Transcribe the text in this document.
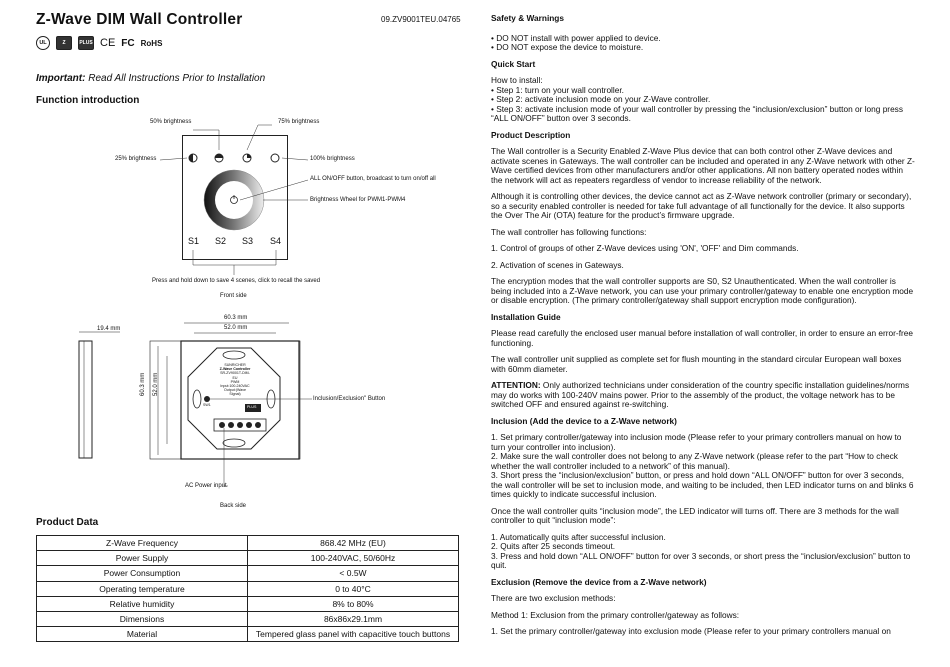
Z-Wave DIM Wall Controller	09.ZV9001TEU.04765
UL	Z	PLUS CE FC RoHS
Important: Read All Instructions Prior to Installation
Function introduction
50% brightness	75% brightness
25% brightness	100% brightness
ALL ON/OFF button, broadcast to turn on/off all
Brightness Wheel for PWM1-PWM4
S1 S2 S3 S4
Press and hold down to save 4 scenes, click to recall the saved
Front side
60.3 mm
52.0 mm
19.4 mm
60.3 mm 52.0 mm
Inclusion/Exclusion" Button
AC Power input
Back side
SUNRICHER
Z-Wave Controller
SR-ZV9001T-DIM-EU
PWM
Input:100-240VAC
Output:(Wave Signal)
SW1	PLUS
Product Data
Z-Wave Frequency	868.42 MHz (EU)
Power Supply	100-240VAC, 50/60Hz
Power Consumption	< 0.5W
Operating temperature	0 to 40°C
Relative humidity	8% to 80%
Dimensions	86x86x29.1mm
Material	Tempered glass panel with capacitive touch buttons

Safety & Warnings

• DO NOT install with power applied to device.
• DO NOT expose the device to moisture.

Quick Start

How to install:

• Step 1: turn on your wall controller.
• Step 2: activate inclusion mode on your Z-Wave controller.
• Step 3: activate inclusion mode of your wall controller by pressing the “inclusion/exclusion” button or long press “ALL ON/OFF” button over 3 seconds.

Product Description

The Wall controller is a Security Enabled Z-Wave Plus device that can both control other Z-Wave devices and activate scenes in Gateways. The wall controller can be included and operated in any Z-Wave network with other Z-Wave certified devices from other manufacturers and/or other applications. All non battery operated nodes within the network will act as repeaters regardless of vendor to increase reliability of the network.

Although it is controlling other devices, the device cannot act as Z-Wave network controller (primary or secondary), so a security enabled controller is needed for take full advantage of all functionally for the device. It also supports the Over The Air (OTA) feature for the product’s firmware upgrade.

The wall controller has following functions:

1. Control of groups of other Z-Wave devices using 'ON', 'OFF' and Dim commands.

2. Activation of scenes in Gateways.

The encryption modes that the wall controller supports are S0, S2 Unauthenticated. When the wall controller is being included into a Z-Wave network, you can use your primary controller/gateway to enable one encryption mode or disable encryption. (The primary controller/gateway shall support encryption mode configuration).

Installation Guide

Please read carefully the enclosed user manual before installation of wall controller, in order to ensure an error-free functioning.

The wall controller unit supplied as complete set for flush mounting in the standard circular European wall boxes with 60mm diameter.

ATTENTION: Only authorized technicians under consideration of the country specific installation guidelines/norms may do works with 100-240V mains power. Prior to the assembly of the product, the voltage network has to be switched OFF and ensured against re-switching.

Inclusion (Add the device to a Z-Wave network)

1. Set primary controller/gateway into inclusion mode (Please refer to your primary controllers manual on how to turn your controller into inclusion).

2. Make sure the wall controller does not belong to any Z-Wave network (please refer to the part “How to check whether the wall controller included to a network” of this manual).

3. Short press the “inclusion/exclusion” button, or press and hold down “ALL ON/OFF” button for over 3 seconds, the wall controller will be set to inclusion mode, and waiting to be included, then LED indicator turns on and blinks 6 times quickly to indicate successful inclusion.

Once the wall controller quits “inclusion mode”, the LED indicator will turns off. There are 3 methods for the wall controller to quit “inclusion mode”:

1. Automatically quits after successful inclusion.

2. Quits after 25 seconds timeout.

3. Press and hold down “ALL ON/OFF” button for over 3 seconds, or short press the “inclusion/exclusion” button to quit.

Exclusion (Remove the device from a Z-Wave network)

There are two exclusion methods:

Method 1: Exclusion from the primary controller/gateway as follows:

1. Set the primary controller/gateway into exclusion mode (Please refer to your primary controllers manual on
